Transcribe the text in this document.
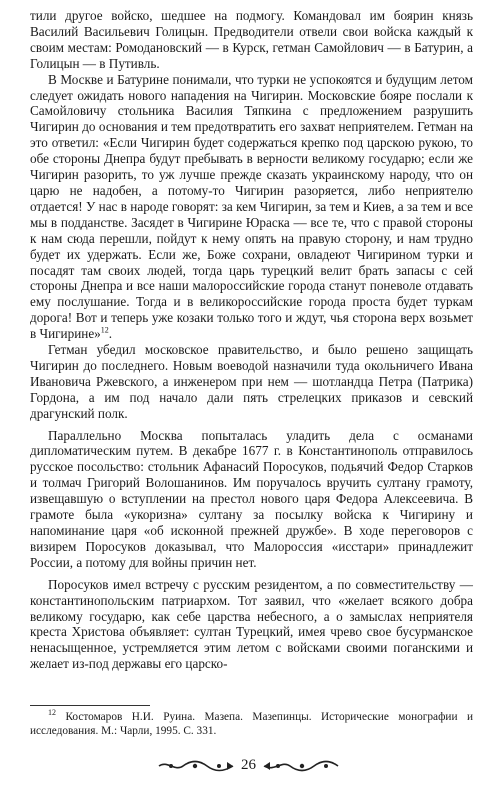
тили другое войско, шедшее на подмогу. Командовал им боярин князь Василий Васильевич Голицын. Предводители отвели свои войска каждый к своим местам: Ромодановский — в Курск, гетман Самойлович — в Батурин, а Голицын — в Путивль.

В Москве и Батурине понимали, что турки не успокоятся и будущим летом следует ожидать нового нападения на Чигирин. Московские бояре послали к Самойловичу стольника Василия Тяпкина с предложением разрушить Чигирин до основания и тем предотвратить его захват неприятелем. Гетман на это ответил: «Если Чигирин будет содержаться крепко под царскою рукою, то обе стороны Днепра будут пребывать в верности великому государю; если же Чигирин разорить, то уж лучше прежде сказать украинскому народу, что он царю не надобен, а потому-то Чигирин разоряется, либо неприятелю отдается! У нас в народе говорят: за кем Чигирин, за тем и Киев, а за тем и все мы в подданстве. Засядет в Чигирине Юраска — все те, что с правой стороны к нам сюда перешли, пойдут к нему опять на правую сторону, и нам трудно будет их удержать. Если же, Боже сохрани, овладеют Чигирином турки и посадят там своих людей, тогда царь турецкий велит брать запасы с сей стороны Днепра и все наши малороссийские города станут поневоле отдавать ему послушание. Тогда и в великороссийские города проста будет туркам дорога! Вот и теперь уже козаки только того и ждут, чья сторона верх возьмет в Чигирине»$^{12}$.

Гетман убедил московское правительство, и было решено защищать Чигирин до последнего. Новым воеводой назначили туда окольничего Ивана Ивановича Ржевского, а инженером при нем — шотландца Петра (Патрика) Гордона, а им под начало дали пять стрелецких приказов и севский драгунский полк.

Параллельно Москва попыталась уладить дела с османами дипломатическим путем. В декабре 1677 г. в Константинополь отправилось русское посольство: стольник Афанасий Поросуков, подьячий Федор Старков и толмач Григорий Волошанинов. Им поручалось вручить султану грамоту, извещавшую о вступлении на престол нового царя Федора Алексеевича. В грамоте была «укоризна» султану за посылку войска к Чигирину и напоминание царя «об исконной прежней дружбе». В ходе переговоров с визирем Поросуков доказывал, что Малороссия «исстари» принадлежит России, а потому для войны причин нет.

Поросуков имел встречу с русским резидентом, а по совместительству — константинопольским патриархом. Тот заявил, что «желает всякого добра великому государю, как себе царства небесного, а о замыслах неприятеля креста Христова объявляет: султан Турецкий, имея чрево свое бусурманское ненасыщенное, устремляется этим летом с войсками своими поганскими и желает из-под державы его царско-

$^{12}$ Костомаров Н.И. Руина. Мазепа. Мазепинцы. Исторические монографии и исследования. М.: Чарли, 1995. С. 331.

26
